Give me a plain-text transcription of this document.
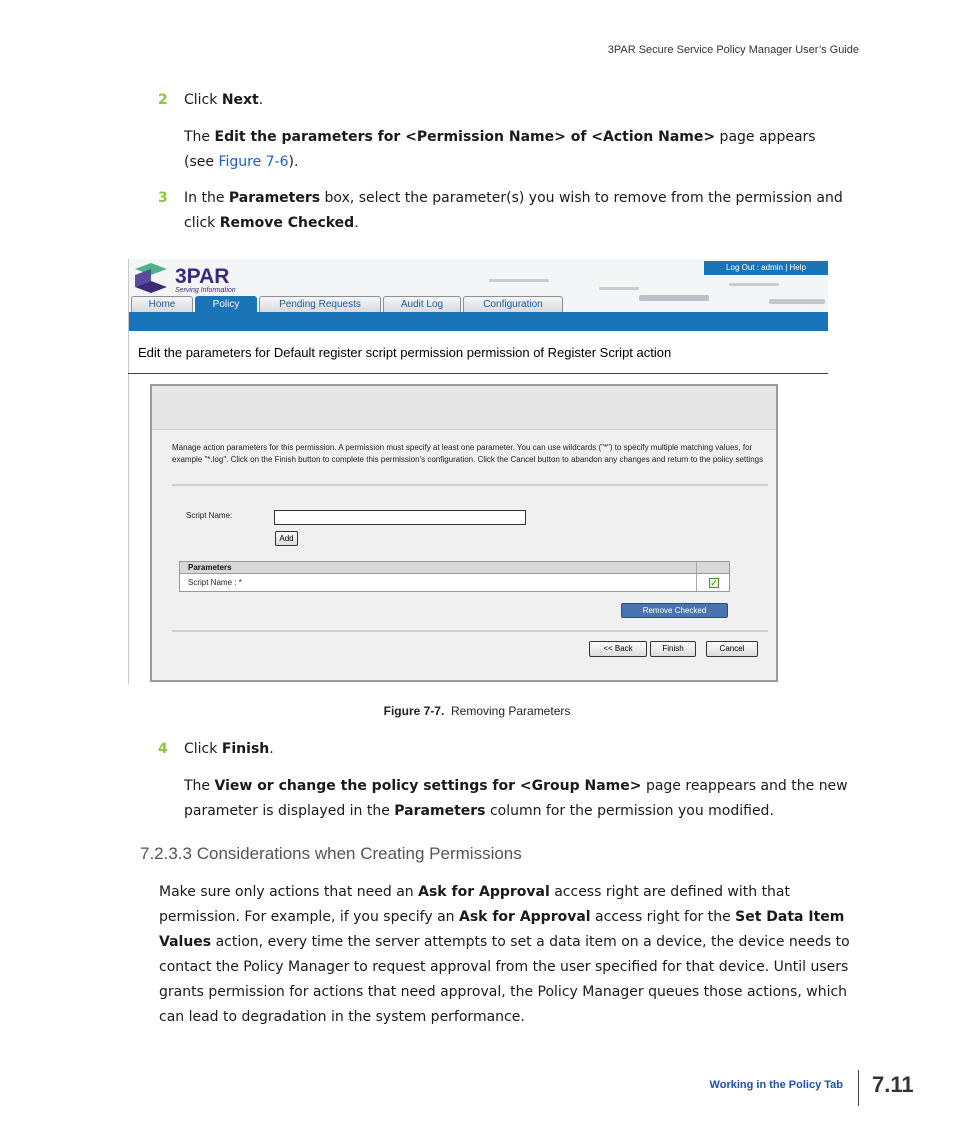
3PAR Secure Service Policy Manager User’s Guide
2 Click Next.
The Edit the parameters for <Permission Name> of <Action Name> page appears (see Figure 7-6).
3 In the Parameters box, select the parameter(s) you wish to remove from the permission and click Remove Checked.
3PAR
Serving Information
Log Out : admin | Help
Home	Policy	Pending Requests	Audit Log	Configuration
Edit the parameters for Default register script permission permission of Register Script action
Manage action parameters for this permission. A permission must specify at least one parameter. You can use wildcards ("*") to specify multiple matching values, for example "*.log". Click on the Finish button to complete this permission's configuration. Click the Cancel button to abandon any changes and return to the policy settings
Script Name:
Add
Parameters
Script Name : *	✓
Remove Checked
<< Back	Finish	Cancel
Figure 7-7. Removing Parameters
4 Click Finish.
The View or change the policy settings for <Group Name> page reappears and the new parameter is displayed in the Parameters column for the permission you modified.
7.2.3.3 Considerations when Creating Permissions
Make sure only actions that need an Ask for Approval access right are defined with that permission. For example, if you specify an Ask for Approval access right for the Set Data Item Values action, every time the server attempts to set a data item on a device, the device needs to contact the Policy Manager to request approval from the user specified for that device. Until users grants permission for actions that need approval, the Policy Manager queues those actions, which can lead to degradation in the system performance.
Working in the Policy Tab 7.11
